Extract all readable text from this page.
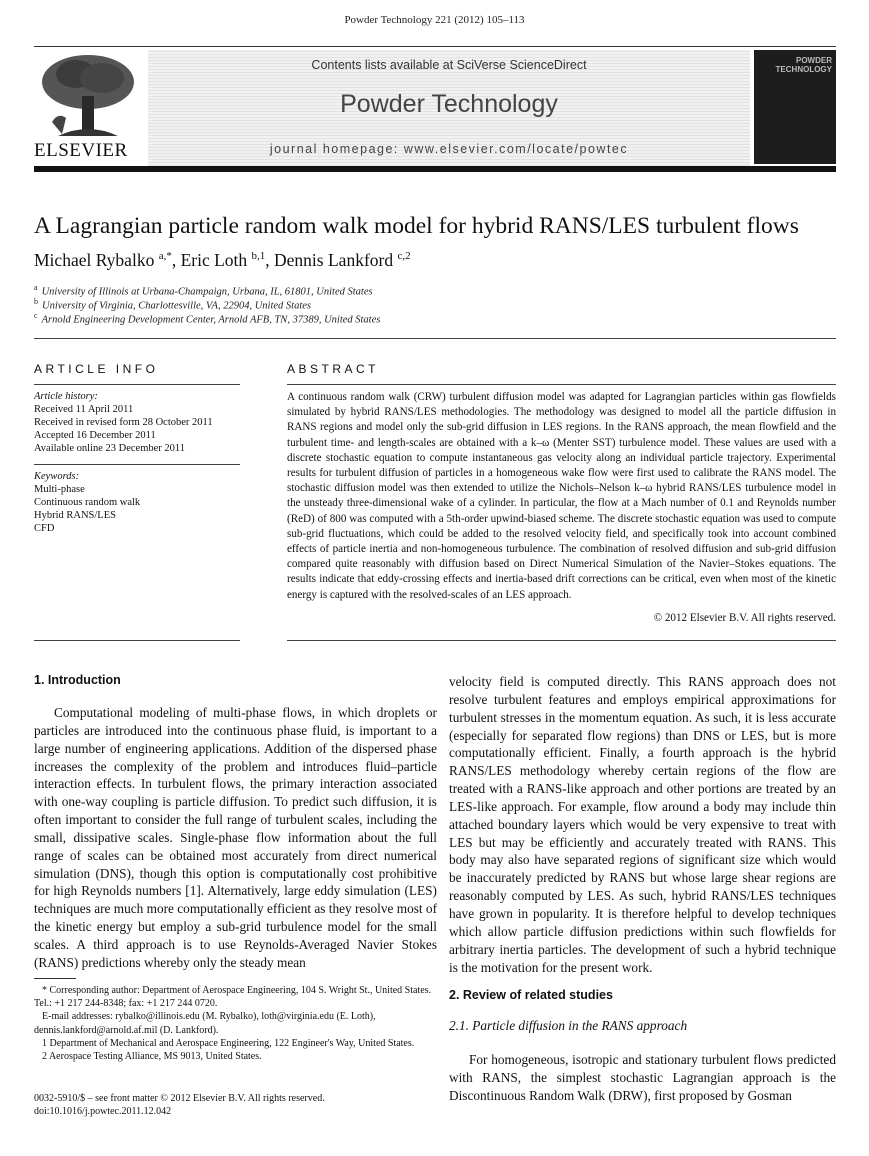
Powder Technology 221 (2012) 105–113
ELSEVIER
Contents lists available at SciVerse ScienceDirect
Powder Technology
journal homepage: www.elsevier.com/locate/powtec
POWDER TECHNOLOGY
A Lagrangian particle random walk model for hybrid RANS/LES turbulent flows
Michael Rybalko $^{a,*}$, Eric Loth $^{b,1}$, Dennis Lankford $^{c,2}$
$^a$ University of Illinois at Urbana-Champaign, Urbana, IL, 61801, United States
$^b$ University of Virginia, Charlottesville, VA, 22904, United States
$^c$ Arnold Engineering Development Center, Arnold AFB, TN, 37389, United States
ARTICLE INFO
Article history:
Received 11 April 2011
Received in revised form 28 October 2011
Accepted 16 December 2011
Available online 23 December 2011
Keywords:
Multi-phase
Continuous random walk
Hybrid RANS/LES
CFD
ABSTRACT
A continuous random walk (CRW) turbulent diffusion model was adapted for Lagrangian particles within gas flowfields simulated by hybrid RANS/LES methodologies. The methodology was designed to model all the particle diffusion in RANS regions and model only the sub-grid diffusion in LES regions. In the RANS approach, the mean flowfield and the turbulent time- and length-scales are obtained with a k–ω (Menter SST) turbulence model. These values are used with a discrete stochastic equation to compute instantaneous gas velocity along an individual particle trajectory. Experimental results for turbulent diffusion of particles in a homogeneous wake flow were first used to calibrate the RANS model. The stochastic diffusion model was then extended to utilize the Nichols–Nelson k–ω hybrid RANS/LES turbulence model in the unsteady three-dimensional wake of a cylinder. In particular, the flow at a Mach number of 0.1 and Reynolds number (ReD) of 800 was computed with a 5th-order upwind-biased scheme. The discrete stochastic equation was used to compute sub-grid fluctuations, which could be added to the resolved velocity field, and specifically took into account combined effects of particle inertia and non-homogeneous turbulence. The combination of resolved diffusion and sub-grid diffusion compared quite reasonably with diffusion based on Direct Numerical Simulation of the Navier–Stokes equations. The results indicate that eddy-crossing effects and inertia-based drift corrections can be critical, even when most of the kinetic energy is captured with the resolved-scales of an LES approach.
© 2012 Elsevier B.V. All rights reserved.
1. Introduction
Computational modeling of multi-phase flows, in which droplets or particles are introduced into the continuous phase fluid, is important to a large number of engineering applications. Addition of the dispersed phase increases the complexity of the problem and introduces fluid–particle interaction effects. In turbulent flows, the primary interaction associated with one-way coupling is particle diffusion. To predict such diffusion, it is often important to consider the full range of turbulent scales, including the small, dissipative scales. Single-phase flow information about the full range of scales can be obtained most accurately from direct numerical simulation (DNS), though this option is computationally cost prohibitive for high Reynolds numbers [1]. Alternatively, large eddy simulation (LES) techniques are much more computationally efficient as they resolve most of the kinetic energy but employ a sub-grid turbulence model for the small scales. A third approach is to use Reynolds-Averaged Navier Stokes (RANS) predictions whereby only the steady mean
* Corresponding author: Department of Aerospace Engineering, 104 S. Wright St., United States. Tel.: +1 217 244-8348; fax: +1 217 244 0720.
E-mail addresses: rybalko@illinois.edu (M. Rybalko), loth@virginia.edu (E. Loth), dennis.lankford@arnold.af.mil (D. Lankford).
1 Department of Mechanical and Aerospace Engineering, 122 Engineer's Way, United States.
2 Aerospace Testing Alliance, MS 9013, United States.
0032-5910/$ – see front matter © 2012 Elsevier B.V. All rights reserved.
doi:10.1016/j.powtec.2011.12.042
velocity field is computed directly. This RANS approach does not resolve turbulent features and employs empirical approximations for turbulent stresses in the momentum equation. As such, it is less accurate (especially for separated flow regions) than DNS or LES, but is more computationally efficient. Finally, a fourth approach is the hybrid RANS/LES methodology whereby certain regions of the flow are treated with a RANS-like approach and other portions are treated by an LES-like approach. For example, flow around a body may include thin attached boundary layers which would be very expensive to treat with LES but may be efficiently and accurately treated with RANS. This body may also have separated regions of significant size which would be inaccurately predicted by RANS but whose large shear regions are reasonably computed by LES. As such, hybrid RANS/LES techniques have grown in popularity. It is therefore helpful to develop techniques which allow particle diffusion predictions within such flowfields for arbitrary inertia particles. The development of such a hybrid technique is the motivation for the present work.
2. Review of related studies
2.1. Particle diffusion in the RANS approach
For homogeneous, isotropic and stationary turbulent flows predicted with RANS, the simplest stochastic Lagrangian approach is the Discontinuous Random Walk (DRW), first proposed by Gosman
